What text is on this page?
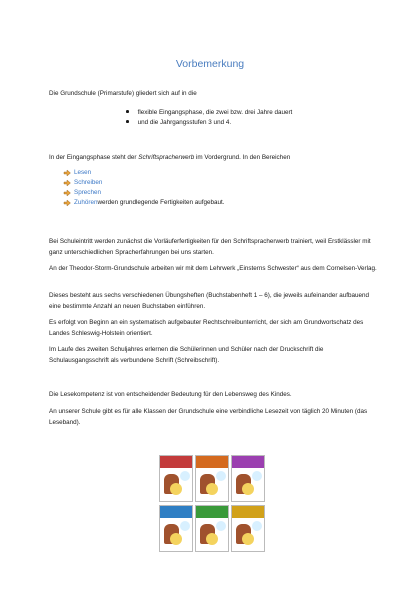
Vorbemerkung
Die Grundschule (Primarstufe) gliedert sich auf in die
flexible Eingangsphase, die zwei bzw. drei Jahre dauert
und die Jahrgangsstufen 3 und 4.
In der Eingangsphase steht der Schriftspracherwerb im Vordergrund. In den Bereichen
Lesen
Schreiben
Sprechen
Zuhören werden grundlegende Fertigkeiten aufgebaut.
Bei Schuleintritt werden zunächst die Vorläuferfertigkeiten für den Schriftspracherwerb trainiert, weil Erstklässler mit ganz unterschiedlichen Spracherfahrungen bei uns starten.
An der Theodor-Storm-Grundschule arbeiten wir mit dem Lehrwerk „Einsterns Schwester“ aus dem Cornelsen-Verlag.
Dieses besteht aus sechs verschiedenen Übungsheften (Buchstabenheft 1 – 6), die jeweils aufeinander aufbauend eine bestimmte Anzahl an neuen Buchstaben einführen.
Es erfolgt von Beginn an ein systematisch aufgebauter Rechtschreibunterricht, der sich am Grundwortschatz des Landes Schleswig-Holstein orientiert.
Im Laufe des zweiten Schuljahres erlernen die Schülerinnen und Schüler nach der Druckschrift die Schulausgangsschrift als verbundene Schrift (Schreibschrift).
Die Lesekompetenz ist von entscheidender Bedeutung für den Lebensweg des Kindes.
An unserer Schule gibt es für alle Klassen der Grundschule eine verbindliche Lesezeit von täglich 20 Minuten (das Leseband).
